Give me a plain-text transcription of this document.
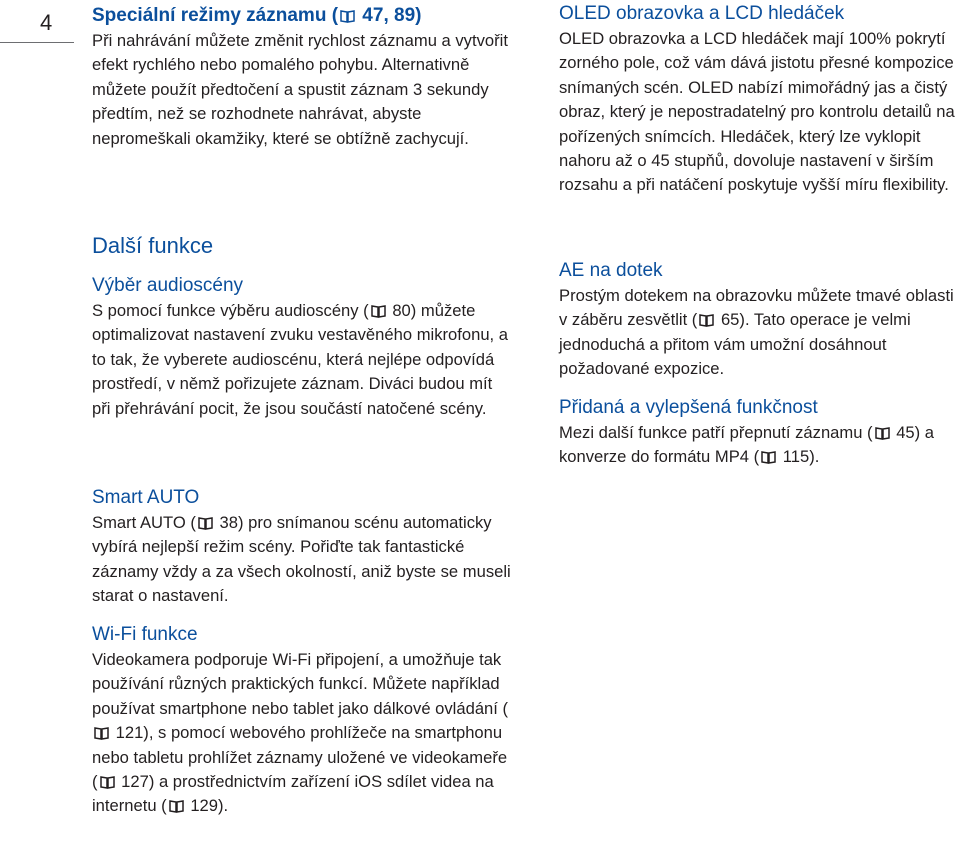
4 Speciální režimy záznamu (
47, 89)

Při nahrávání můžete změnit rychlost záznamu a vytvořit efekt rychlého nebo pomalého pohybu. Alternativně můžete použít předtočení a spustit záznam 3 sekundy předtím, než se rozhodnete nahrávat, abyste nepromeškali okamžiky, které se obtížně zachycují.

Další funkce
Výběr audioscény

S pomocí funkce výběru audioscény (
80) můžete optimalizovat nastavení zvuku vestavěného mikrofonu, a to tak, že vyberete audioscénu, která nejlépe odpovídá prostředí, v němž pořizujete záznam. Diváci budou mít při přehrávání pocit, že jsou součástí natočené scény.

Smart AUTO

Smart AUTO (
38) pro snímanou scénu automaticky vybírá nejlepší režim scény. Pořiďte tak fantastické záznamy vždy a za všech okolností, aniž byste se museli starat o nastavení.

Wi-Fi funkce

Videokamera podporuje Wi-Fi připojení, a umožňuje tak používání různých praktických funkcí. Můžete například používat smartphone nebo tablet jako dálkové ovládání (
121), s pomocí webového prohlížeče na smartphonu nebo tabletu prohlížet záznamy uložené ve videokameře (
127) a prostřednictvím zařízení iOS sdílet videa na internetu (
129).

OLED obrazovka a LCD hledáček

OLED obrazovka a LCD hledáček mají 100% pokrytí zorného pole, což vám dává jistotu přesné kompozice snímaných scén. OLED nabízí mimořádný jas a čistý obraz, který je nepostradatelný pro kontrolu detailů na pořízených snímcích. Hledáček, který lze vyklopit nahoru až o 45 stupňů, dovoluje nastavení v širším rozsahu a při natáčení poskytuje vyšší míru flexibility.

AE na dotek

Prostým dotekem na obrazovku můžete tmavé oblasti v záběru zesvětlit (
65). Tato operace je velmi jednoduchá a přitom vám umožní dosáhnout požadované expozice.

Přidaná a vylepšená funkčnost

Mezi další funkce patří přepnutí záznamu (
45) a konverze do formátu MP4 (
115).
